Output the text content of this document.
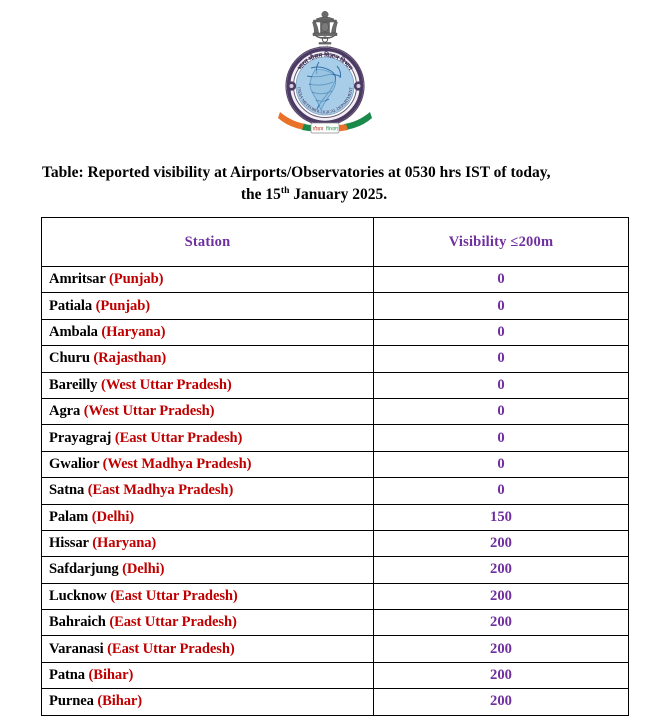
भारत मौसम विज्ञान विभाग
INDIA METEOROLOGICAL DEPARTMENT
मौसम विभाग
Table: Reported visibility at Airports/Observatories at 0530 hrs IST of today,
the 15th January 2025.
Station	Visibility ≤200m
Amritsar (Punjab)	0
Patiala (Punjab)	0
Ambala (Haryana)	0
Churu (Rajasthan)	0
Bareilly (West Uttar Pradesh)	0
Agra (West Uttar Pradesh)	0
Prayagraj (East Uttar Pradesh)	0
Gwalior (West Madhya Pradesh)	0
Satna (East Madhya Pradesh)	0
Palam (Delhi)	150
Hissar (Haryana)	200
Safdarjung (Delhi)	200
Lucknow (East Uttar Pradesh)	200
Bahraich (East Uttar Pradesh)	200
Varanasi (East Uttar Pradesh)	200
Patna (Bihar)	200
Purnea (Bihar)	200
